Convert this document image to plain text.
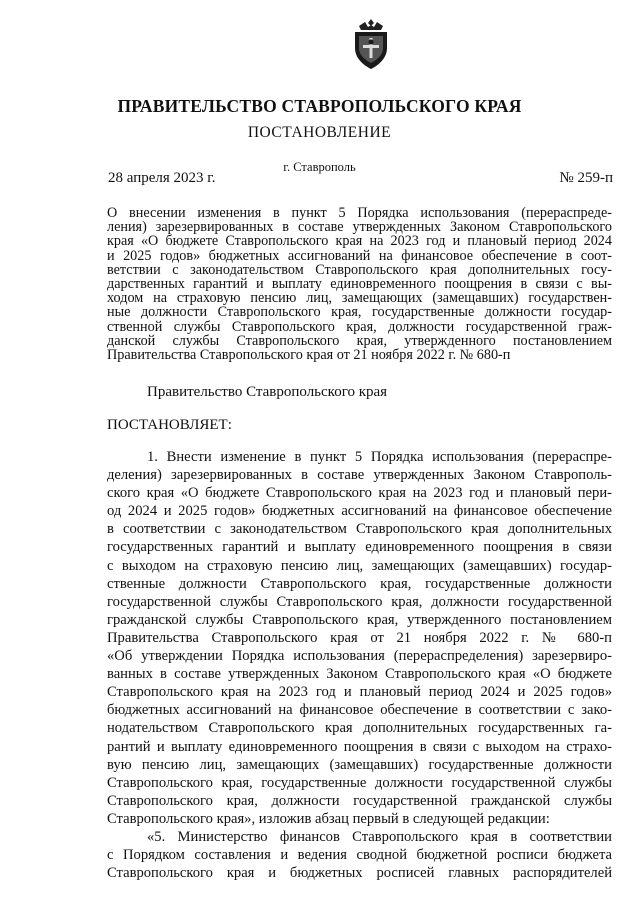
ПРАВИТЕЛЬСТВО СТАВРОПОЛЬСКОГО КРАЯ
ПОСТАНОВЛЕНИЕ
г. Ставрополь
28 апреля 2023 г.	№ 259-п
О внесении изменения в пункт 5 Порядка использования (перераспреде-
ления) зарезервированных в составе утвержденных Законом Ставропольского
края «О бюджете Ставропольского края на 2023 год и плановый период 2024
и 2025 годов» бюджетных ассигнований на финансовое обеспечение в соот-
ветствии с законодательством Ставропольского края дополнительных госу-
дарственных гарантий и выплату единовременного поощрения в связи с вы-
ходом на страховую пенсию лиц, замещающих (замещавших) государствен-
ные должности Ставропольского края, государственные должности государ-
ственной службы Ставропольского края, должности государственной граж-
данской службы Ставропольского края, утвержденного постановлением
Правительства Ставропольского края от 21 ноября 2022 г. № 680-п
Правительство Ставропольского края
ПОСТАНОВЛЯЕТ:
1. Внести изменение в пункт 5 Порядка использования (перераспре-
деления) зарезервированных в составе утвержденных Законом Ставрополь-
ского края «О бюджете Ставропольского края на 2023 год и плановый пери-
од 2024 и 2025 годов» бюджетных ассигнований на финансовое обеспечение
в соответствии с законодательством Ставропольского края дополнительных
государственных гарантий и выплату единовременного поощрения в связи
с выходом на страховую пенсию лиц, замещающих (замещавших) государ-
ственные должности Ставропольского края, государственные должности
государственной службы Ставропольского края, должности государственной
гражданской службы Ставропольского края, утвержденного постановлением
Правительства Ставропольского края от 21 ноября 2022 г. № 680-п
«Об утверждении Порядка использования (перераспределения) зарезервиро-
ванных в составе утвержденных Законом Ставропольского края «О бюджете
Ставропольского края на 2023 год и плановый период 2024 и 2025 годов»
бюджетных ассигнований на финансовое обеспечение в соответствии с зако-
нодательством Ставропольского края дополнительных государственных га-
рантий и выплату единовременного поощрения в связи с выходом на страхо-
вую пенсию лиц, замещающих (замещавших) государственные должности
Ставропольского края, государственные должности государственной службы
Ставропольского края, должности государственной гражданской службы
Ставропольского края», изложив абзац первый в следующей редакции:
«5. Министерство финансов Ставропольского края в соответствии
с Порядком составления и ведения сводной бюджетной росписи бюджета
Ставропольского края и бюджетных росписей главных распорядителей
